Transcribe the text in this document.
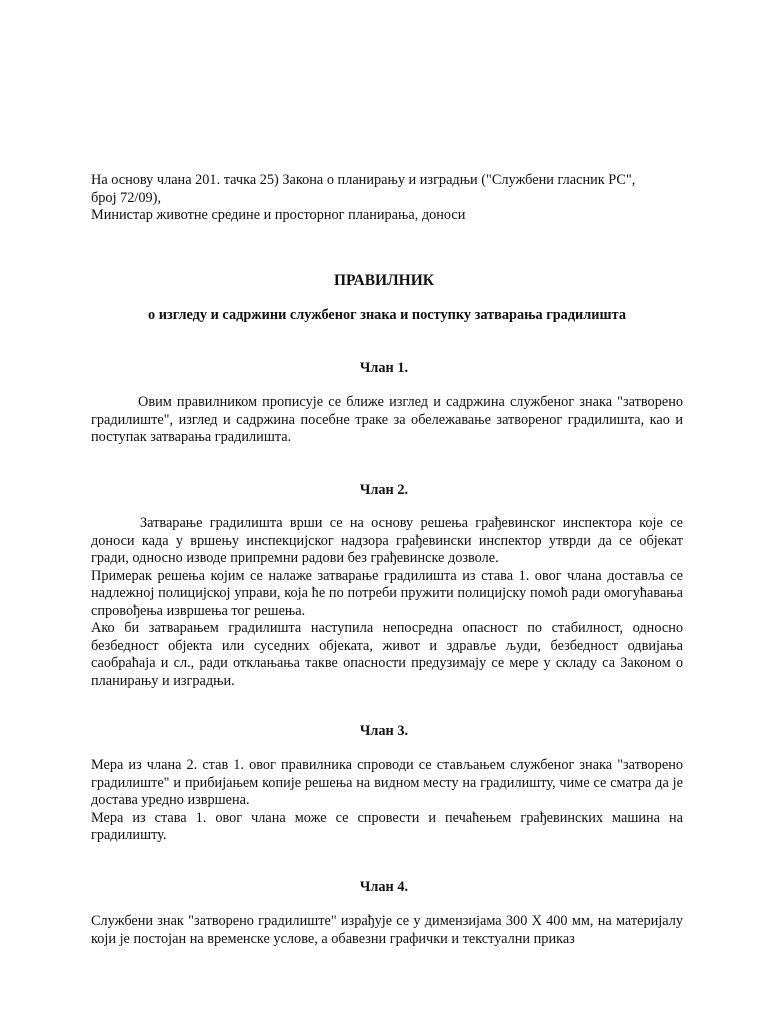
На основу члана 201. тачка 25) Закона о планирању и изградњи ("Службени гласник РС",
број 72/09),
Министар животне средине и просторног планирања, доноси
ПРАВИЛНИК
о изгледу и садржини службеног знака и поступку затварања градилишта
Члан 1.

Овим правилником прописује се ближе изглед и садржина службеног знака "затворено градилиште", изглед и садржина посебне траке за обележавање затвореног градилишта, као и поступак затварања градилишта.

Члан 2.

Затварање градилишта врши се на основу решења грађевинског инспектора које се доноси када у вршењу инспекцијског надзора грађевински инспектор утврди да се објекат гради, односно изводе припремни радови без грађевинске дозволе.

Примерак решења којим се налаже затварање градилишта из става 1. овог члана доставља се надлежној полицијској управи, која ће по потреби пружити полицијску помоћ ради омогућавања спровођења извршења тог решења.

Ако би затварањем градилишта наступила непосредна опасност по стабилност, односно безбедност објекта или суседних објеката, живот и здравље људи, безбедност одвијања саобраћаја и сл., ради отклањања такве опасности предузимају се мере у складу са Законом о планирању и изградњи.

Члан 3.

Мера из члана 2. став 1. овог правилника спроводи се стављањем службеног знака "затворено градилиште" и прибијањем копије решења на видном месту на градилишту, чиме се сматра да је достава уредно извршена.

Мера из става 1. овог члана може се спровести и печаћењем грађевинских машина на градилишту.

Члан 4.

Службени знак "затворено градилиште" израђује се у димензијама 300 X 400 мм, на материјалу који је постојан на временске услове, а обавезни графички и текстуални приказ
